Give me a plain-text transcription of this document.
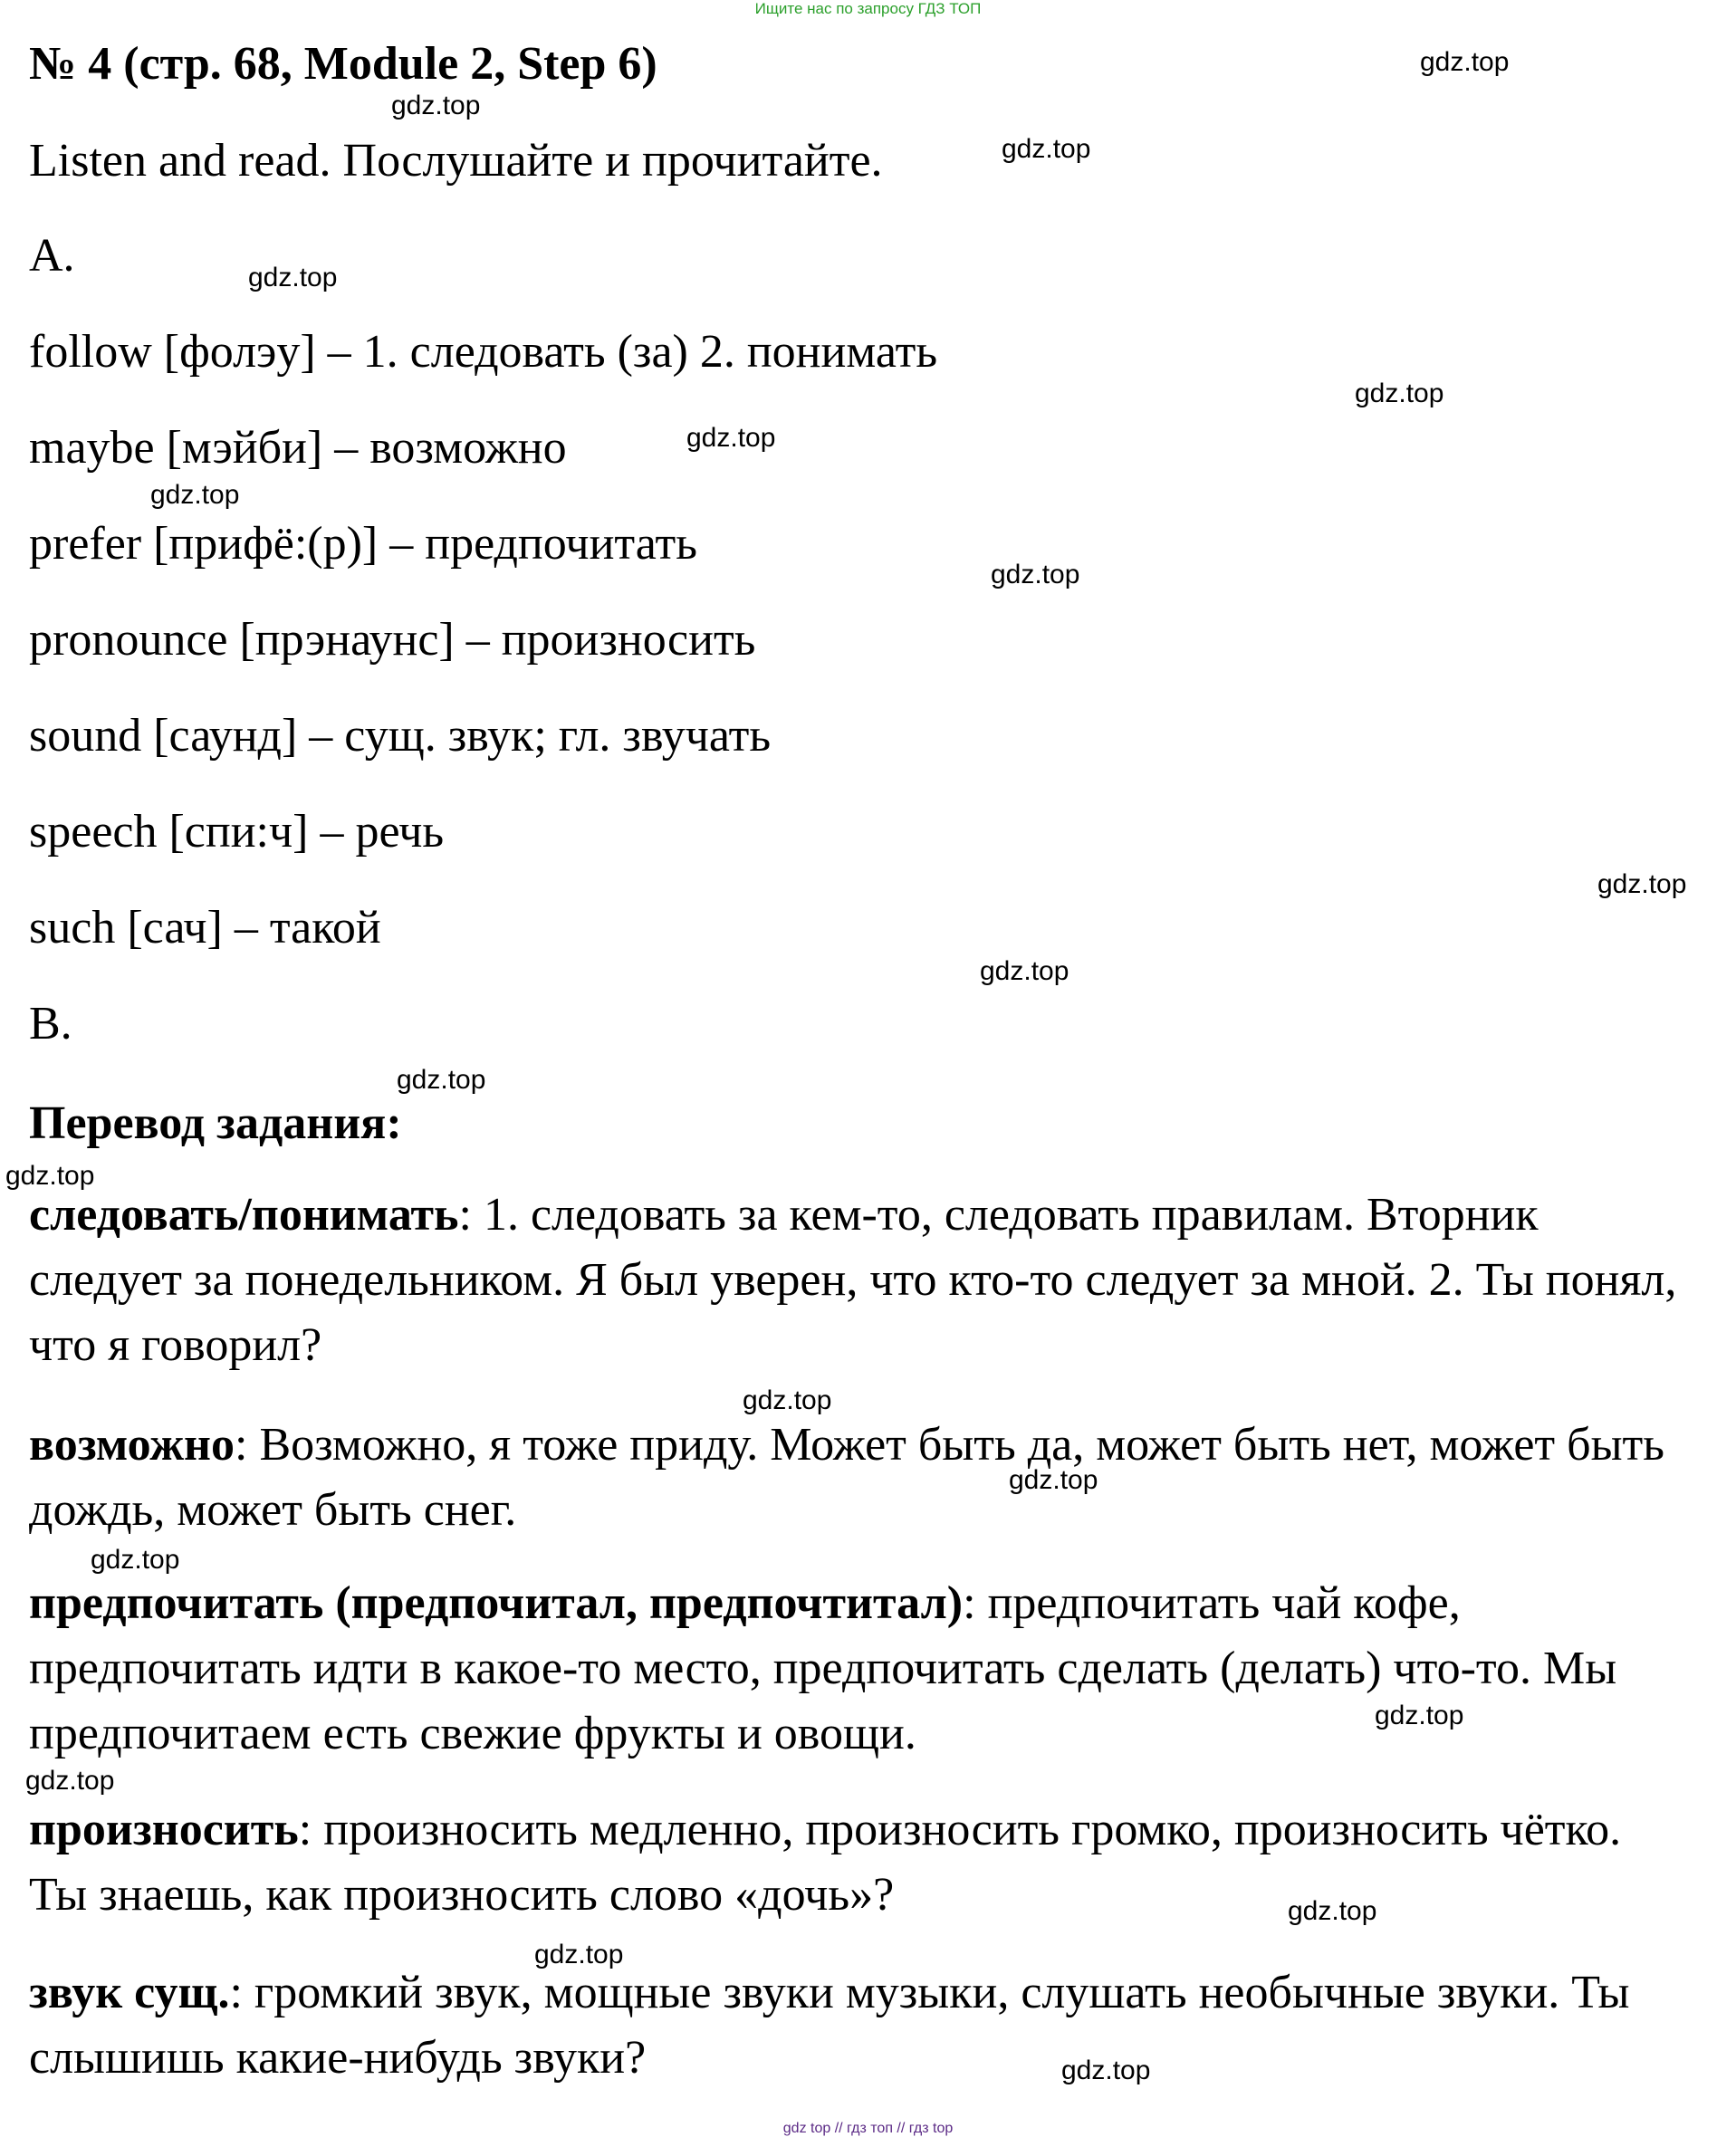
Ищите нас по запросу ГДЗ ТОП
№ 4 (стр. 68, Module 2, Step 6)
Listen and read. Послушайте и прочитайте.
A.
follow [фолэу] – 1. следовать (за) 2. понимать
maybe [мэйби] – возможно
prefer [прифё:(р)] – предпочитать
pronounce [прэнаунс] – произносить
sound [саунд] – сущ. звук; гл. звучать
speech [спи:ч] – речь
such [сач] – такой
B.
Перевод задания:
следовать/понимать: 1. следовать за кем-то, следовать правилам. Вторник следует за понедельником. Я был уверен, что кто-то следует за мной. 2. Ты понял, что я говорил?
возможно: Возможно, я тоже приду. Может быть да, может быть нет, может быть дождь, может быть снег.
предпочитать (предпочитал, предпочтитал): предпочитать чай кофе, предпочитать идти в какое-то место, предпочитать сделать (делать) что-то. Мы предпочитаем есть свежие фрукты и овощи.
произносить: произносить медленно, произносить громко, произносить чётко. Ты знаешь, как произносить слово «дочь»?
звук сущ.: громкий звук, мощные звуки музыки, слушать необычные звуки. Ты слышишь какие-нибудь звуки?
gdz.top
gdz.top
gdz.top
gdz.top
gdz.top
gdz.top
gdz.top
gdz.top
gdz.top
gdz.top
gdz.top
gdz.top
gdz.top
gdz.top
gdz.top
gdz.top
gdz.top
gdz.top
gdz.top
gdz.top
gdz top // гдз топ // гдз top
